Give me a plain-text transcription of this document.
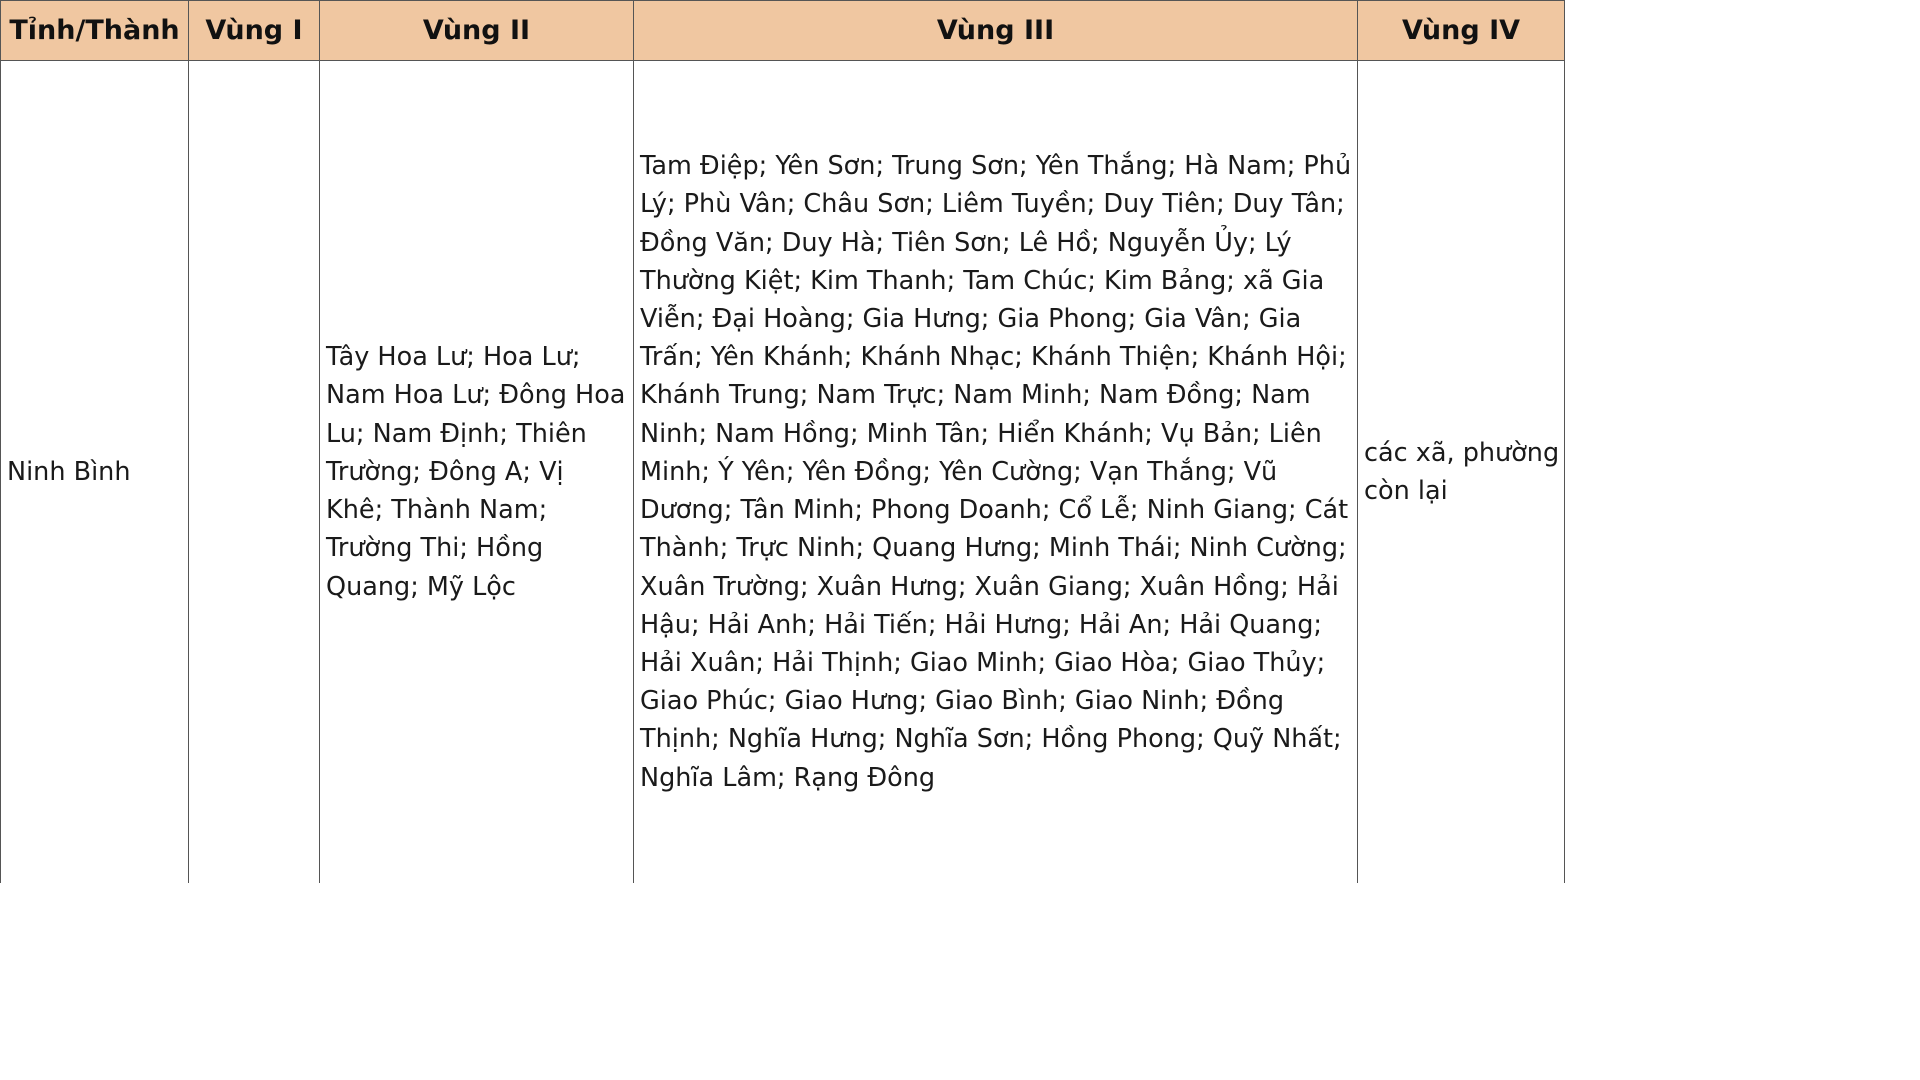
Tỉnh/Thành	Vùng I	Vùng II	Vùng III	Vùng IV
Ninh Bình		Tây Hoa Lư; Hoa Lư; Nam Hoa Lư; Đông Hoa Lu; Nam Định; Thiên Trường; Đông A; Vị Khê; Thành Nam; Trường Thi; Hồng Quang; Mỹ Lộc	Tam Điệp; Yên Sơn; Trung Sơn; Yên Thắng; Hà Nam; Phủ Lý; Phù Vân; Châu Sơn; Liêm Tuyền; Duy Tiên; Duy Tân; Đồng Văn; Duy Hà; Tiên Sơn; Lê Hồ; Nguyễn Ủy; Lý Thường Kiệt; Kim Thanh; Tam Chúc; Kim Bảng; xã Gia Viễn; Đại Hoàng; Gia Hưng; Gia Phong; Gia Vân; Gia Trấn; Yên Khánh; Khánh Nhạc; Khánh Thiện; Khánh Hội; Khánh Trung; Nam Trực; Nam Minh; Nam Đồng; Nam Ninh; Nam Hồng; Minh Tân; Hiển Khánh; Vụ Bản; Liên Minh; Ý Yên; Yên Đồng; Yên Cường; Vạn Thắng; Vũ Dương; Tân Minh; Phong Doanh; Cổ Lễ; Ninh Giang; Cát Thành; Trực Ninh; Quang Hưng; Minh Thái; Ninh Cường; Xuân Trường; Xuân Hưng; Xuân Giang; Xuân Hồng; Hải Hậu; Hải Anh; Hải Tiến; Hải Hưng; Hải An; Hải Quang; Hải Xuân; Hải Thịnh; Giao Minh; Giao Hòa; Giao Thủy; Giao Phúc; Giao Hưng; Giao Bình; Giao Ninh; Đồng Thịnh; Nghĩa Hưng; Nghĩa Sơn; Hồng Phong; Quỹ Nhất; Nghĩa Lâm; Rạng Đông	các xã, phường còn lại
